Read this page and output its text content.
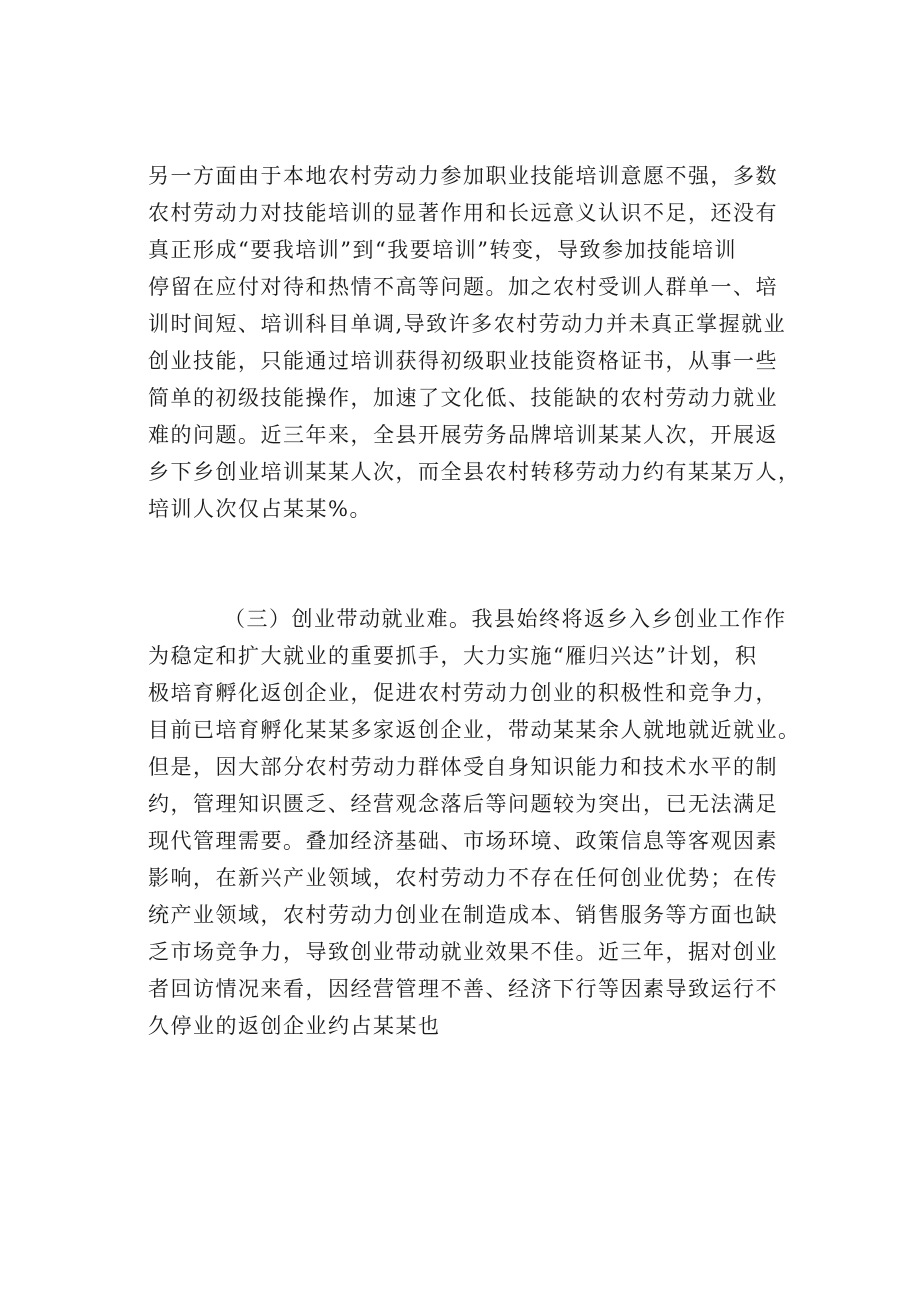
另一方面由于本地农村劳动力参加职业技能培训意愿不强，多数
农村劳动力对技能培训的显著作用和长远意义认识不足，还没有
真正形成“要我培训”到“我要培训”转变，导致参加技能培训
停留在应付对待和热情不高等问题。加之农村受训人群单一、培
训时间短、培训科目单调,导致许多农村劳动力并未真正掌握就业
创业技能，只能通过培训获得初级职业技能资格证书，从事一些
简单的初级技能操作，加速了文化低、技能缺的农村劳动力就业
难的问题。近三年来，全县开展劳务品牌培训某某人次，开展返
乡下乡创业培训某某人次，而全县农村转移劳动力约有某某万人，
培训人次仅占某某%。
（三）创业带动就业难。我县始终将返乡入乡创业工作作
为稳定和扩大就业的重要抓手，大力实施“雁归兴达”计划，积
极培育孵化返创企业，促进农村劳动力创业的积极性和竞争力，
目前已培育孵化某某多家返创企业，带动某某余人就地就近就业。
但是，因大部分农村劳动力群体受自身知识能力和技术水平的制
约，管理知识匮乏、经营观念落后等问题较为突出，已无法满足
现代管理需要。叠加经济基础、市场环境、政策信息等客观因素
影响，在新兴产业领域，农村劳动力不存在任何创业优势；在传
统产业领域，农村劳动力创业在制造成本、销售服务等方面也缺
乏市场竞争力，导致创业带动就业效果不佳。近三年，据对创业
者回访情况来看，因经营管理不善、经济下行等因素导致运行不
久停业的返创企业约占某某也
